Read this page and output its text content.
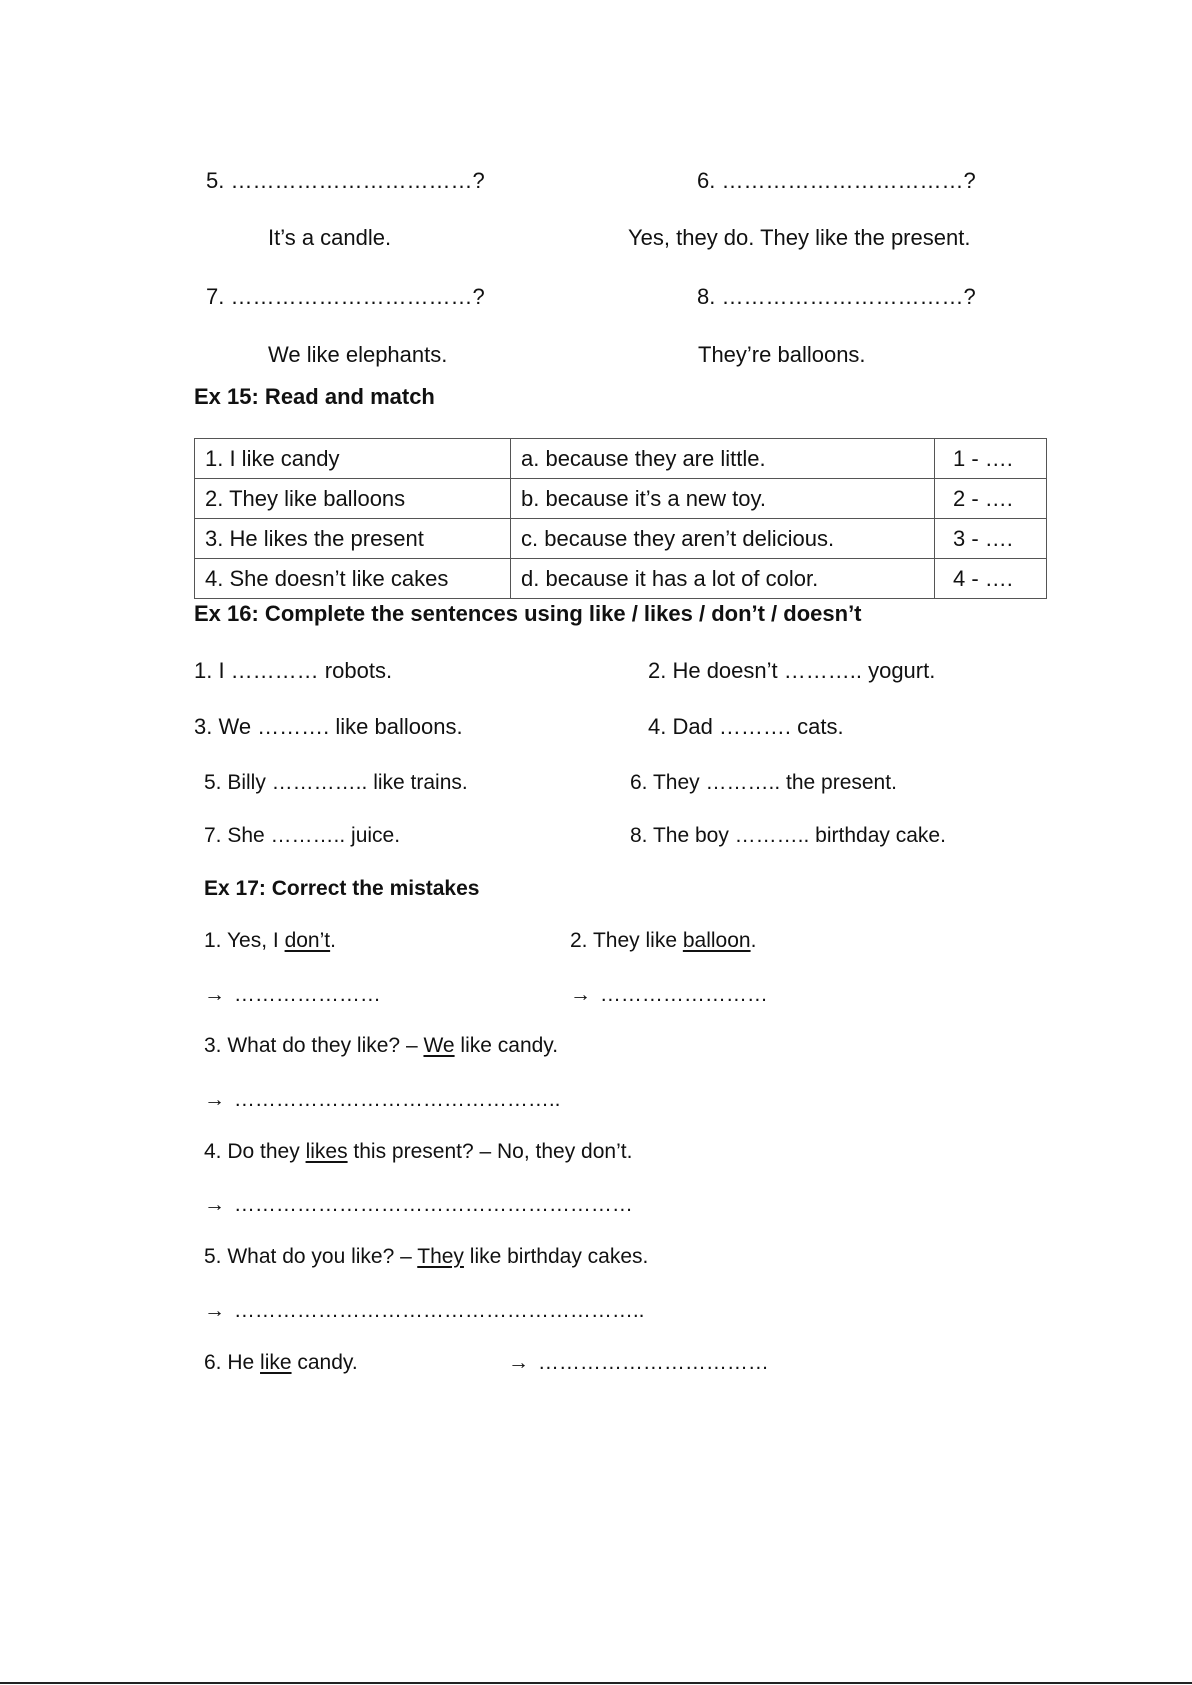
5. ……………………………?	6. ……………………………?
It’s a candle.	Yes, they do. They like the present.
7. ……………………………?	8. ……………………………?
We like elephants.	They’re balloons.
Ex 15: Read and match
1. I like candy	a. because they are little.	1 - ….
2. They like balloons	b. because it’s a new toy.	2 - ….
3. He likes the present	c. because they aren’t delicious.	3 - ….
4. She doesn’t like cakes	d. because it has a lot of color.	4 - ….
Ex 16: Complete the sentences using like / likes / don’t / doesn’t
1. I ………… robots.	2. He doesn’t ……….. yogurt.
3. We ………. like balloons.	4. Dad ………. cats.
5. Billy ………….. like trains.	6. They ……….. the present.
7. She ……….. juice.	8. The boy ……….. birthday cake.
Ex 17: Correct the mistakes
1. Yes, I don’t.	2. They like balloon.
→ …………………	→ ……………………
3. What do they like? – We like candy.
→ ………………………………………..
4. Do they likes this present? – No, they don’t.
→ …………………………………………………
5. What do you like? – They like birthday cakes.
→ …………………………………………………..
6. He like candy.	→ ……………………………
